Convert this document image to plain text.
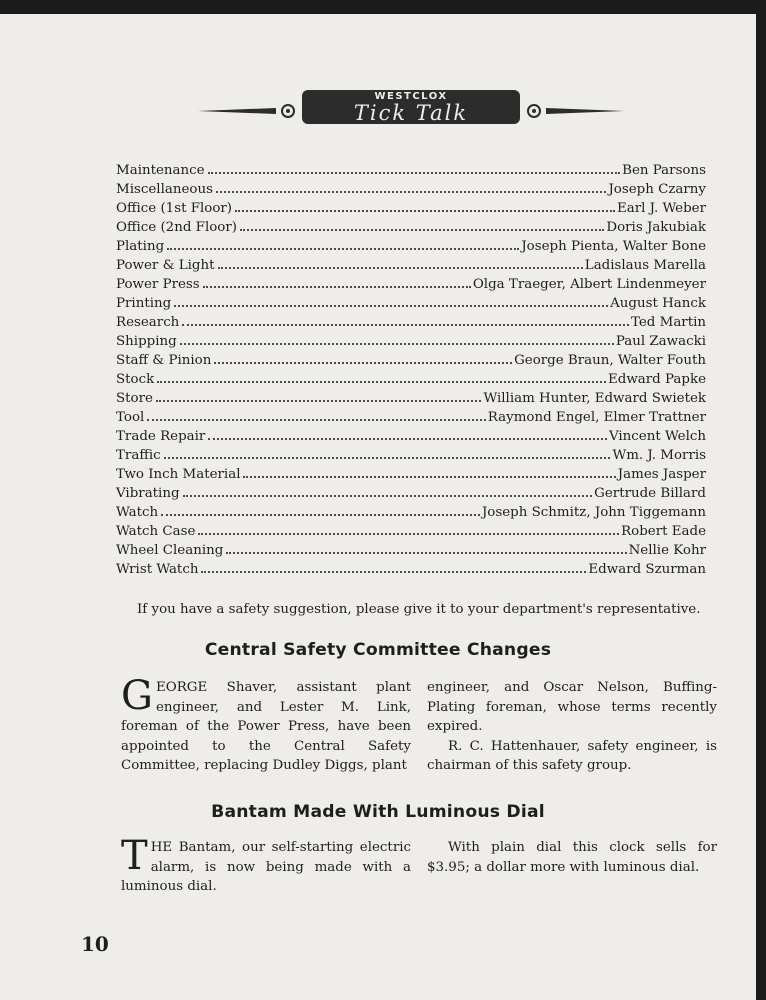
WESTCLOX
Tick Talk
Maintenance	Ben Parsons
Miscellaneous	Joseph Czarny
Office (1st Floor)	Earl J. Weber
Office (2nd Floor)	Doris Jakubiak
Plating	Joseph Pienta, Walter Bone
Power & Light	Ladislaus Marella
Power Press	Olga Traeger, Albert Lindenmeyer
Printing	August Hanck
Research	Ted Martin
Shipping	Paul Zawacki
Staff & Pinion	George Braun, Walter Fouth
Stock	Edward Papke
Store	William Hunter, Edward Swietek
Tool	Raymond Engel, Elmer Trattner
Trade Repair	Vincent Welch
Traffic	Wm. J. Morris
Two Inch Material	James Jasper
Vibrating	Gertrude Billard
Watch	Joseph Schmitz, John Tiggemann
Watch Case	Robert Eade
Wheel Cleaning	Nellie Kohr
Wrist Watch	Edward Szurman

If you have a safety suggestion, please give it to your department's representative.

Central Safety Committee Changes

GEORGE Shaver, assistant plant engineer, and Lester M. Link, foreman of the Power Press, have been appointed to the Central Safety Committee, replacing Dudley Diggs, plant

engineer, and Oscar Nelson, Buffing-Plating foreman, whose terms recently expired.

R. C. Hattenhauer, safety engineer, is chairman of this safety group.

Bantam Made With Luminous Dial

THE Bantam, our self-starting electric alarm, is now being made with a luminous dial.

With plain dial this clock sells for $3.95; a dollar more with luminous dial.

10
